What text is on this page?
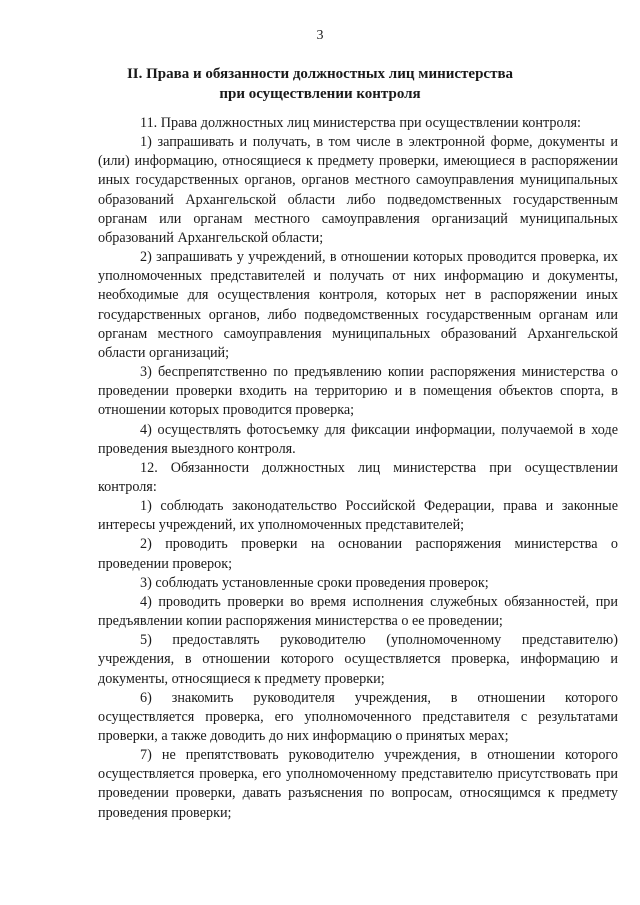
3
II. Права и обязанности должностных лиц министерства
при осуществлении контроля

11. Права должностных лиц министерства при осуществлении контроля:

1) запрашивать и получать, в том числе в электронной форме, документы и (или) информацию, относящиеся к предмету проверки, имеющиеся в распоряжении иных государственных органов, органов местного самоуправления муниципальных образований Архангельской области либо подведомственных государственным органам или органам местного самоуправления организаций муниципальных образований Архангельской области;

2) запрашивать у учреждений, в отношении которых проводится проверка, их уполномоченных представителей и получать от них информацию и документы, необходимые для осуществления контроля, которых нет в распоряжении иных государственных органов, либо подведомственных государственным органам или органам местного самоуправления муниципальных образований Архангельской области организаций;

3) беспрепятственно по предъявлению копии распоряжения министерства о проведении проверки входить на территорию и в помещения объектов спорта, в отношении которых проводится проверка;

4) осуществлять фотосъемку для фиксации информации, получаемой в ходе проведения выездного контроля.

12. Обязанности должностных лиц министерства при осуществлении контроля:

1) соблюдать законодательство Российской Федерации, права и законные интересы учреждений, их уполномоченных представителей;

2) проводить проверки на основании распоряжения министерства о проведении проверок;

3) соблюдать установленные сроки проведения проверок;

4) проводить проверки во время исполнения служебных обязанностей, при предъявлении копии распоряжения министерства о ее проведении;

5) предоставлять руководителю (уполномоченному представителю) учреждения, в отношении которого осуществляется проверка, информацию и документы, относящиеся к предмету проверки;

6) знакомить руководителя учреждения, в отношении которого осуществляется проверка, его уполномоченного представителя с результатами проверки, а также доводить до них информацию о принятых мерах;

7) не препятствовать руководителю учреждения, в отношении которого осуществляется проверка, его уполномоченному представителю присутствовать при проведении проверки, давать разъяснения по вопросам, относящимся к предмету проведения проверки;
